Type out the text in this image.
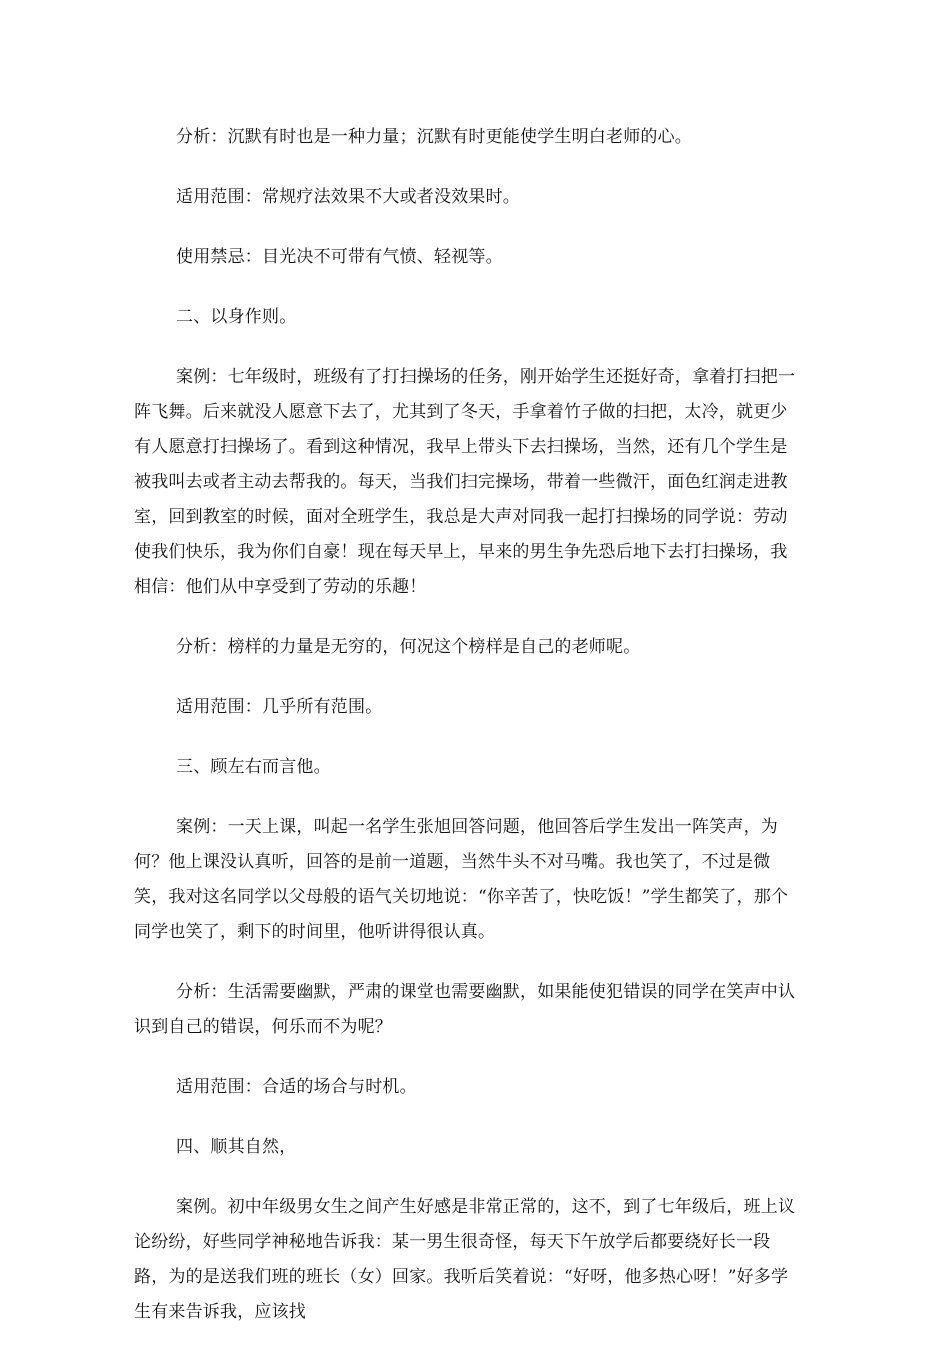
分析：沉默有时也是一种力量；沉默有时更能使学生明白老师的心。

适用范围：常规疗法效果不大或者没效果时。

使用禁忌：目光决不可带有气愤、轻视等。

二、以身作则。

案例：七年级时，班级有了打扫操场的任务，刚开始学生还挺好奇，拿着打扫把一阵飞舞。后来就没人愿意下去了，尤其到了冬天，手拿着竹子做的扫把，太冷，就更少有人愿意打扫操场了。看到这种情况，我早上带头下去扫操场，当然，还有几个学生是被我叫去或者主动去帮我的。每天，当我们扫完操场，带着一些微汗，面色红润走进教室，回到教室的时候，面对全班学生，我总是大声对同我一起打扫操场的同学说：劳动使我们快乐，我为你们自豪！现在每天早上，早来的男生争先恐后地下去打扫操场，我相信：他们从中享受到了劳动的乐趣！

分析：榜样的力量是无穷的，何况这个榜样是自己的老师呢。

适用范围：几乎所有范围。

三、顾左右而言他。

案例：一天上课，叫起一名学生张旭回答问题，他回答后学生发出一阵笑声，为何？他上课没认真听，回答的是前一道题，当然牛头不对马嘴。我也笑了，不过是微笑，我对这名同学以父母般的语气关切地说：“你辛苦了，快吃饭！”学生都笑了，那个同学也笑了，剩下的时间里，他听讲得很认真。

分析：生活需要幽默，严肃的课堂也需要幽默，如果能使犯错误的同学在笑声中认识到自己的错误，何乐而不为呢？

适用范围：合适的场合与时机。

四、顺其自然，

案例。初中年级男女生之间产生好感是非常正常的，这不，到了七年级后，班上议论纷纷，好些同学神秘地告诉我：某一男生很奇怪，每天下午放学后都要绕好长一段路，为的是送我们班的班长（女）回家。我听后笑着说：“好呀，他多热心呀！”好多学生有来告诉我，应该找
